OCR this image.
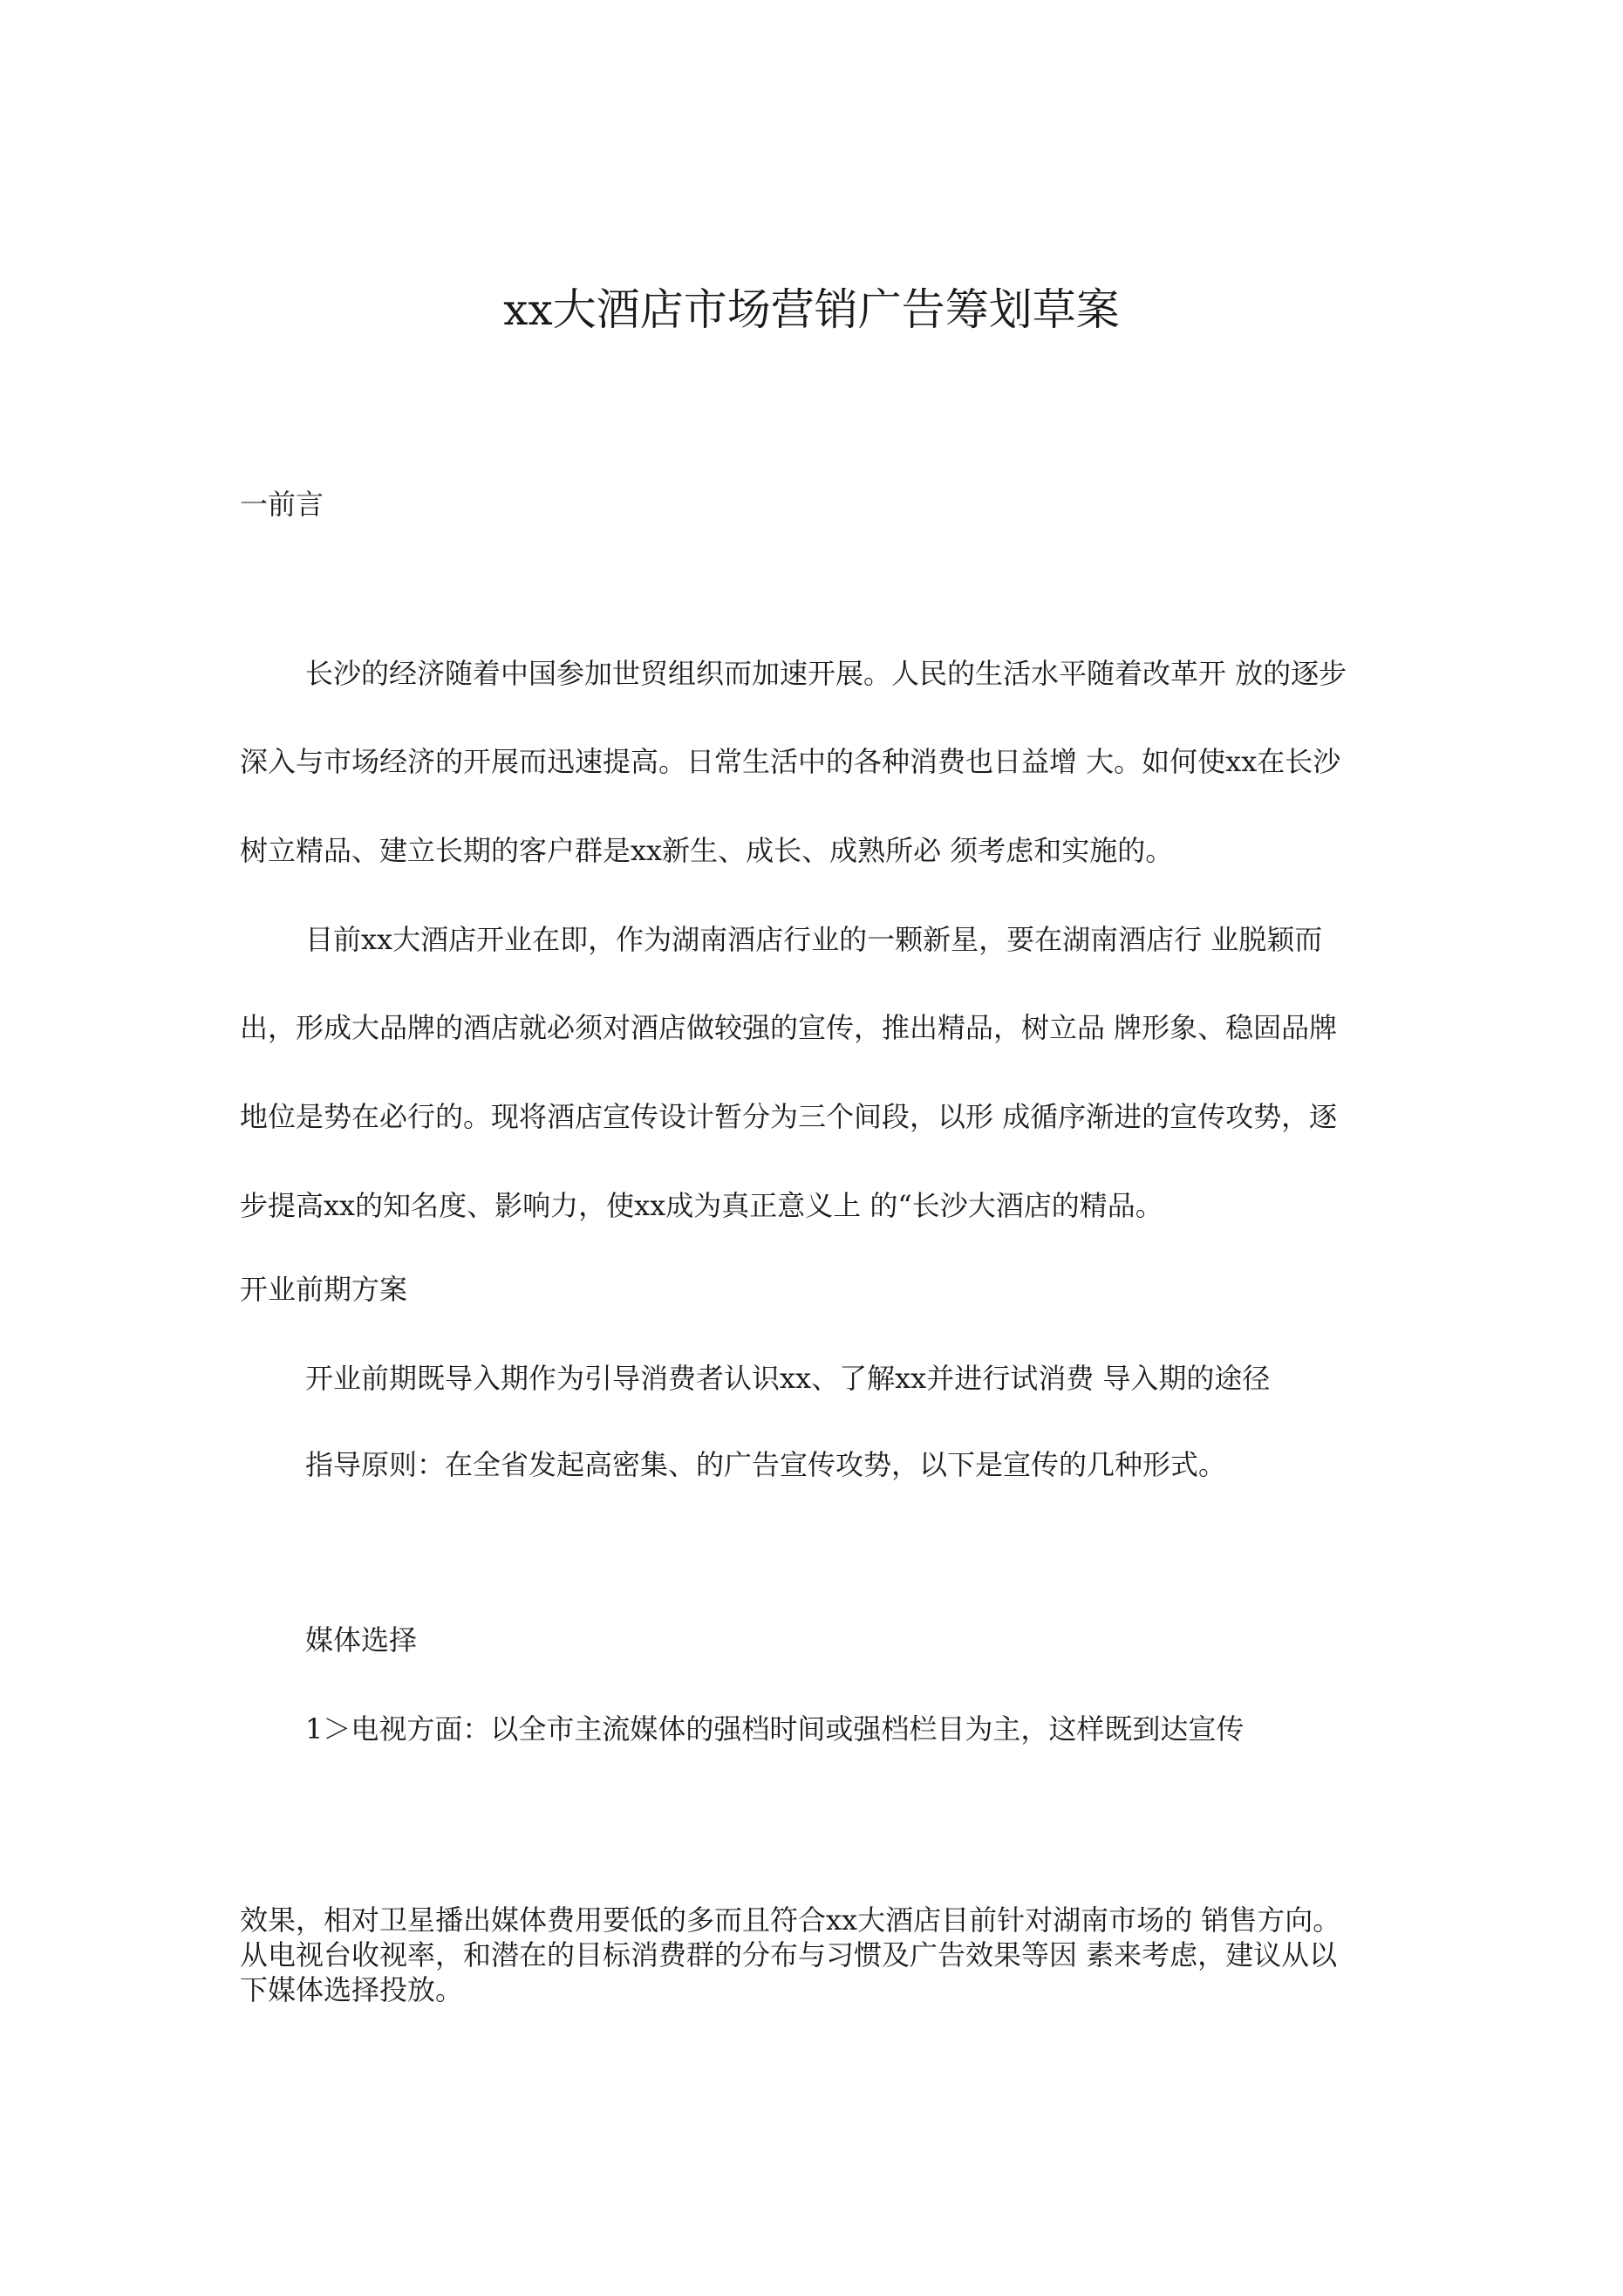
xx大酒店市场营销广告筹划草案
一前言
长沙的经济随着中国参加世贸组织而加速开展。人民的生活水平随着改革开 放的逐步
深入与市场经济的开展而迅速提高。日常生活中的各种消费也日益增 大。如何使xx在长沙
树立精品、建立长期的客户群是xx新生、成长、成熟所必 须考虑和实施的。
目前xx大酒店开业在即，作为湖南酒店行业的一颗新星，要在湖南酒店行 业脱颖而
出，形成大品牌的酒店就必须对酒店做较强的宣传，推出精品，树立品 牌形象、稳固品牌
地位是势在必行的。现将酒店宣传设计暂分为三个间段，以形 成循序渐进的宣传攻势，逐
步提高xx的知名度、影响力，使xx成为真正意义上 的“长沙大酒店的精品。
开业前期方案
开业前期既导入期作为引导消费者认识xx、了解xx并进行试消费 导入期的途径
指导原则：在全省发起高密集、的广告宣传攻势，以下是宣传的几种形式。
媒体选择
1＞电视方面：以全市主流媒体的强档时间或强档栏目为主，这样既到达宣传
效果，相对卫星播出媒体费用要低的多而且符合xx大酒店目前针对湖南市场的 销售方向。
从电视台收视率，和潜在的目标消费群的分布与习惯及广告效果等因 素来考虑，建议从以
下媒体选择投放。
